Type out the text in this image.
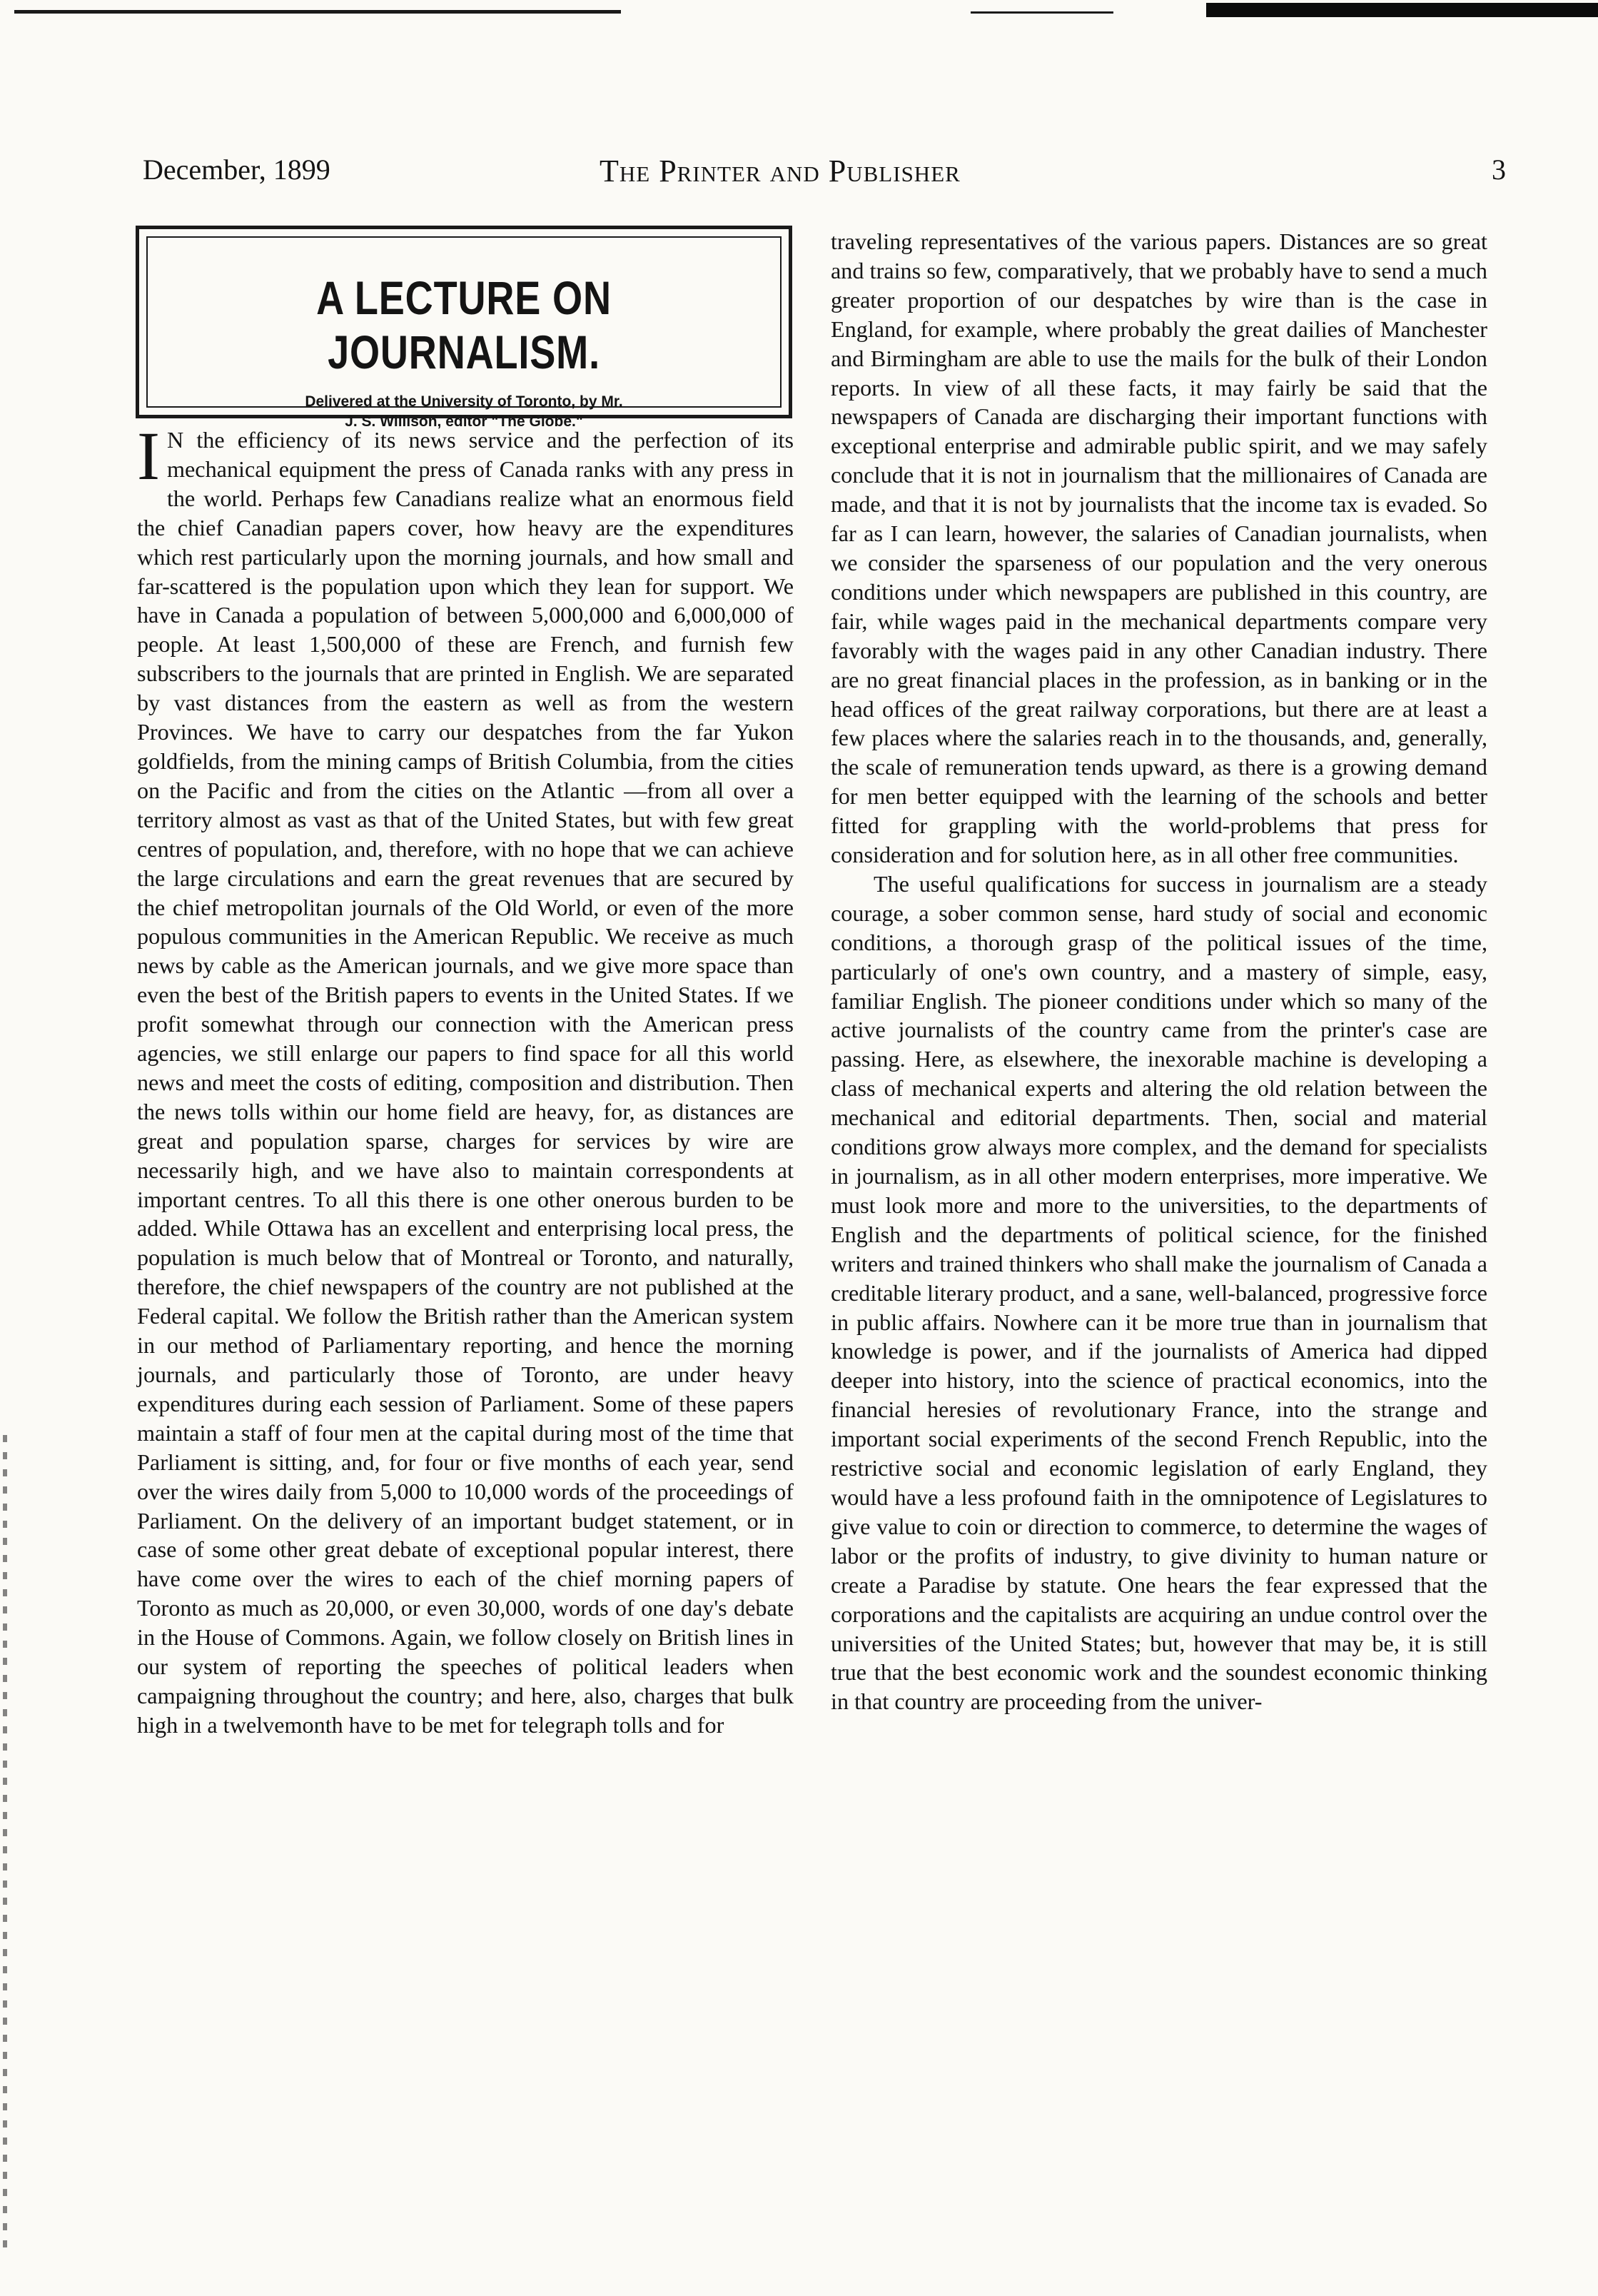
December, 1899	The Printer and Publisher	3
A LECTURE ON JOURNALISM.
Delivered at the University of Toronto, by Mr.
J. S. Willison, editor "The Globe."

I N the efficiency of its news service and the perfection of its mechanical equipment the press of Canada ranks with any press in the world. Perhaps few Canadians realize what an enormous field the chief Canadian papers cover, how heavy are the expenditures which rest particularly upon the morning journals, and how small and far-scattered is the population upon which they lean for support. We have in Canada a population of between 5,000,000 and 6,000,000 of people. At least 1,500,000 of these are French, and furnish few subscribers to the journals that are printed in English. We are separated by vast distances from the eastern as well as from the western Provinces. We have to carry our despatches from the far Yukon goldfields, from the mining camps of British Columbia, from the cities on the Pacific and from the cities on the Atlantic —from all over a territory almost as vast as that of the United States, but with few great centres of population, and, therefore, with no hope that we can achieve the large circulations and earn the great revenues that are secured by the chief metropolitan journals of the Old World, or even of the more populous communities in the American Republic. We receive as much news by cable as the American journals, and we give more space than even the best of the British papers to events in the United States. If we profit somewhat through our connection with the American press agencies, we still enlarge our papers to find space for all this world news and meet the costs of editing, composition and distribution. Then the news tolls within our home field are heavy, for, as distances are great and population sparse, charges for services by wire are necessarily high, and we have also to maintain correspondents at important centres. To all this there is one other onerous burden to be added. While Ottawa has an excellent and enterprising local press, the population is much below that of Montreal or Toronto, and naturally, therefore, the chief newspapers of the country are not published at the Federal capital. We follow the British rather than the American system in our method of Parliamentary reporting, and hence the morning journals, and particularly those of Toronto, are under heavy expenditures during each session of Parliament. Some of these papers maintain a staff of four men at the capital during most of the time that Parliament is sitting, and, for four or five months of each year, send over the wires daily from 5,000 to 10,000 words of the proceedings of Parliament. On the delivery of an important budget statement, or in case of some other great debate of exceptional popular interest, there have come over the wires to each of the chief morning papers of Toronto as much as 20,000, or even 30,000, words of one day's debate in the House of Commons. Again, we follow closely on British lines in our system of reporting the speeches of political leaders when campaigning throughout the country; and here, also, charges that bulk high in a twelvemonth have to be met for telegraph tolls and for

traveling representatives of the various papers. Distances are so great and trains so few, comparatively, that we probably have to send a much greater proportion of our despatches by wire than is the case in England, for example, where probably the great dailies of Manchester and Birmingham are able to use the mails for the bulk of their London reports. In view of all these facts, it may fairly be said that the newspapers of Canada are discharging their important functions with exceptional enterprise and admirable public spirit, and we may safely conclude that it is not in journalism that the millionaires of Canada are made, and that it is not by journalists that the income tax is evaded. So far as I can learn, however, the salaries of Canadian journalists, when we consider the sparseness of our population and the very onerous conditions under which newspapers are published in this country, are fair, while wages paid in the mechanical departments compare very favorably with the wages paid in any other Canadian industry. There are no great financial places in the profession, as in banking or in the head offices of the great railway corporations, but there are at least a few places where the salaries reach in to the thousands, and, generally, the scale of remuneration tends upward, as there is a growing demand for men better equipped with the learning of the schools and better fitted for grappling with the world-problems that press for consideration and for solution here, as in all other free communities.

The useful qualifications for success in journalism are a steady courage, a sober common sense, hard study of social and economic conditions, a thorough grasp of the political issues of the time, particularly of one's own country, and a mastery of simple, easy, familiar English. The pioneer conditions under which so many of the active journalists of the country came from the printer's case are passing. Here, as elsewhere, the inexorable machine is developing a class of mechanical experts and altering the old relation between the mechanical and editorial departments. Then, social and material conditions grow always more complex, and the demand for specialists in journalism, as in all other modern enterprises, more imperative. We must look more and more to the universities, to the departments of English and the departments of political science, for the finished writers and trained thinkers who shall make the journalism of Canada a creditable literary product, and a sane, well-balanced, progressive force in public affairs. Nowhere can it be more true than in journalism that knowledge is power, and if the journalists of America had dipped deeper into history, into the science of practical economics, into the financial heresies of revolutionary France, into the strange and important social experiments of the second French Republic, into the restrictive social and economic legislation of early England, they would have a less profound faith in the omnipotence of Legislatures to give value to coin or direction to commerce, to determine the wages of labor or the profits of industry, to give divinity to human nature or create a Paradise by statute. One hears the fear expressed that the corporations and the capitalists are acquiring an undue control over the universities of the United States; but, however that may be, it is still true that the best economic work and the soundest economic thinking in that country are proceeding from the univer-
